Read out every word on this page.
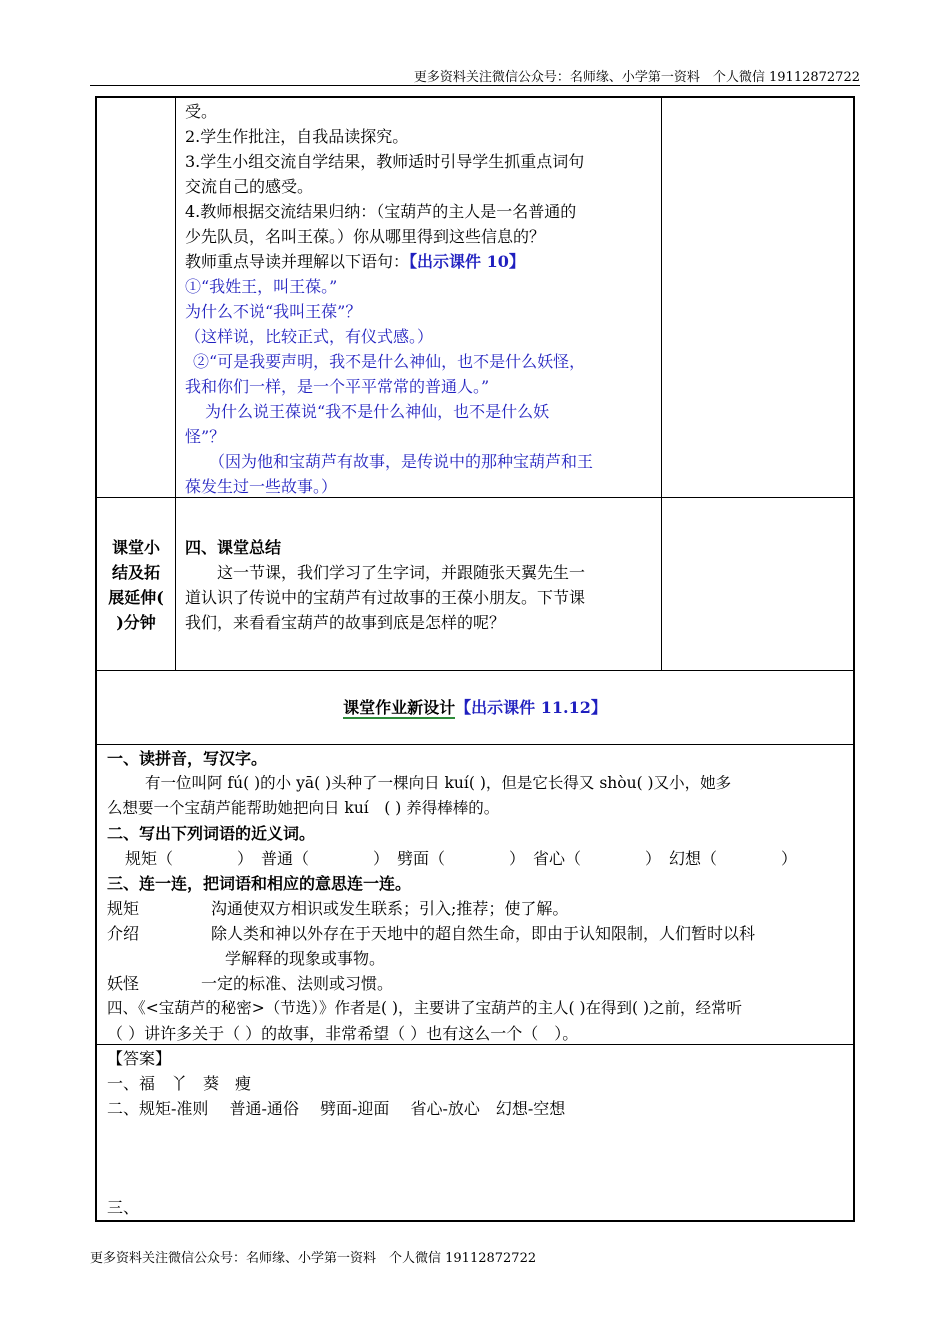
更多资料关注微信公众号：名师缘、小学第一资料　个人微信 19112872722
受。
2.学生作批注，自我品读探究。
3.学生小组交流自学结果，教师适时引导学生抓重点词句
交流自己的感受。
4.教师根据交流结果归纳：（宝葫芦的主人是一名普通的
少先队员，名叫王葆。）你从哪里得到这些信息的？
教师重点导读并理解以下语句：【出示课件 10】
①“我姓王，叫王葆。”
为什么不说“我叫王葆”？
（这样说，比较正式，有仪式感。）
②“可是我要声明，我不是什么神仙，也不是什么妖怪，
我和你们一样，是一个平平常常的普通人。”
为什么说王葆说“我不是什么神仙，也不是什么妖
怪”？
（因为他和宝葫芦有故事，是传说中的那种宝葫芦和王
葆发生过一些故事。）
课堂小
结及拓
展延伸(
)分钟
四、课堂总结
这一节课，我们学习了生字词，并跟随张天翼先生一
道认识了传说中的宝葫芦有过故事的王葆小朋友。下节课
我们，来看看宝葫芦的故事到底是怎样的呢？
课堂作业新设计【出示课件 11.12】
一、读拼音，写汉字。
有一位叫阿 fú( )的小 yā( )头种了一棵向日 kuí( )，但是它长得又 shòu( )又小，她多
么想要一个宝葫芦能帮助她把向日 kuí　( ) 养得棒棒的。
二、写出下列词语的近义词。
规矩（　　　　）　普通（　　　　）　劈面（　　　　）　省心（　　　　）　幻想（　　　　）
三、连一连，把词语和相应的意思连一连。
规矩	沟通使双方相识或发生联系；引入;推荐；使了解。
介绍	除人类和神以外存在于天地中的超自然生命，即由于认知限制，人们暂时以科
学解释的现象或事物。
妖怪	一定的标准、法则或习惯。
四、《<宝葫芦的秘密>（节选）》作者是( )，主要讲了宝葫芦的主人( )在得到( )之前，经常听
（ ）讲许多关于（ ）的故事，非常希望（ ）也有这么一个（　）。
【答案】
一、福　丫　葵　瘦
二、规矩-准则　 普通-通俗　 劈面-迎面　 省心-放心　幻想-空想
三、
更多资料关注微信公众号：名师缘、小学第一资料　个人微信 19112872722
